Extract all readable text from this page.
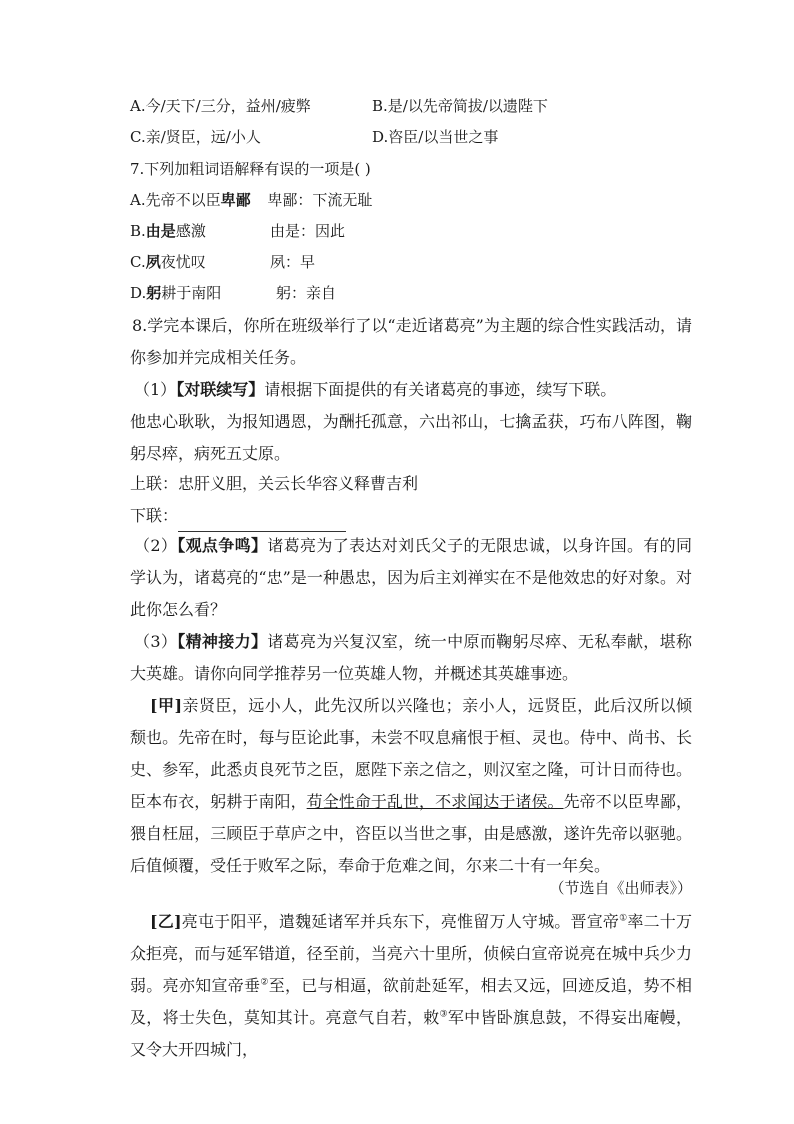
A.今/天下/三分，益州/疲弊	B.是/以先帝简拔/以遗陛下
C.亲/贤臣，远/小人	D.咨臣/以当世之事
7.下列加粗词语解释有误的一项是( )
A.先帝不以臣卑鄙 卑鄙：下流无耻
B.由是感激	由是：因此
C.夙夜忧叹	夙：早
D.躬耕于南阳	躬：亲自
8.学完本课后，你所在班级举行了以“走近诸葛亮”为主题的综合性实践活动，请你参加并完成相关任务。
（1）【对联续写】请根据下面提供的有关诸葛亮的事迹，续写下联。
他忠心耿耿，为报知遇恩，为酬托孤意，六出祁山，七擒孟获，巧布八阵图，鞠躬尽瘁，病死五丈原。
上联：忠肝义胆，关云长华容义释曹吉利
下联：
（2）【观点争鸣】诸葛亮为了表达对刘氏父子的无限忠诚，以身许国。有的同学认为，诸葛亮的“忠”是一种愚忠，因为后主刘禅实在不是他效忠的好对象。对此你怎么看？
（3）【精神接力】诸葛亮为兴复汉室，统一中原而鞠躬尽瘁、无私奉献，堪称大英雄。请你向同学推荐另一位英雄人物，并概述其英雄事迹。
[甲]亲贤臣，远小人，此先汉所以兴隆也；亲小人，远贤臣，此后汉所以倾颓也。先帝在时，每与臣论此事，未尝不叹息痛恨于桓、灵也。侍中、尚书、长史、参军，此悉贞良死节之臣，愿陛下亲之信之，则汉室之隆，可计日而待也。臣本布衣，躬耕于南阳，苟全性命于乱世，不求闻达于诸侯。先帝不以臣卑鄙，猥自枉屈，三顾臣于草庐之中，咨臣以当世之事，由是感激，遂许先帝以驱驰。后值倾覆，受任于败军之际，奉命于危难之间，尔来二十有一年矣。
（节选自《出师表》）
[乙]亮屯于阳平，遣魏延诸军并兵东下，亮惟留万人守城。晋宣帝①率二十万众拒亮，而与延军错道，径至前，当亮六十里所，侦候白宣帝说亮在城中兵少力弱。亮亦知宣帝垂②至，已与相逼，欲前赴延军，相去又远，回迹反追，势不相及，将士失色，莫知其计。亮意气自若，敕③军中皆卧旗息鼓，不得妄出庵幔，又令大开四城门，
